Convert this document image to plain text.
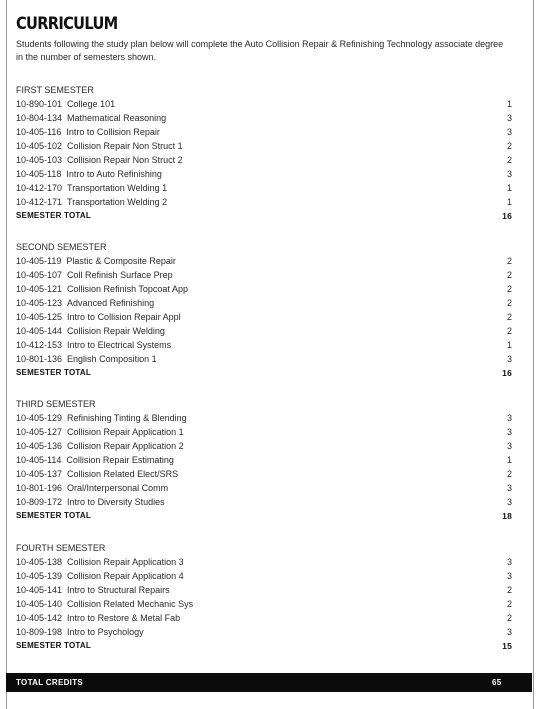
CURRICULUM

Students following the study plan below will complete the Auto Collision Repair & Refinishing Technology associate degree in the number of semesters shown.

FIRST SEMESTER
10-890-101 College 101	1
10-804-134 Mathematical Reasoning	3
10-405-116 Intro to Collision Repair	3
10-405-102 Collision Repair Non Struct 1	2
10-405-103 Collision Repair Non Struct 2	2
10-405-118 Intro to Auto Refinishing	3
10-412-170 Transportation Welding 1	1
10-412-171 Transportation Welding 2	1
SEMESTER TOTAL	16
SECOND SEMESTER
10-405-119 Plastic & Composite Repair	2
10-405-107 Coll Refinish Surface Prep	2
10-405-121 Collision Refinish Topcoat App	2
10-405-123 Advanced Refinishing	2
10-405-125 Intro to Collision Repair Appl	2
10-405-144 Collision Repair Welding	2
10-412-153 Intro to Electrical Systems	1
10-801-136 English Composition 1	3
SEMESTER TOTAL	16
THIRD SEMESTER
10-405-129 Refinishing Tinting & Blending	3
10-405-127 Collision Repair Application 1	3
10-405-136 Collision Repair Application 2	3
10-405-114 Collision Repair Estimating	1
10-405-137 Collision Related Elect/SRS	2
10-801-196 Oral/Interpersonal Comm	3
10-809-172 Intro to Diversity Studies	3
SEMESTER TOTAL	18
FOURTH SEMESTER
10-405-138 Collision Repair Application 3	3
10-405-139 Collision Repair Application 4	3
10-405-141 Intro to Structural Repairs	2
10-405-140 Collision Related Mechanic Sys	2
10-405-142 Intro to Restore & Metal Fab	2
10-809-198 Intro to Psychology	3
SEMESTER TOTAL	15
TOTAL CREDITS	65
